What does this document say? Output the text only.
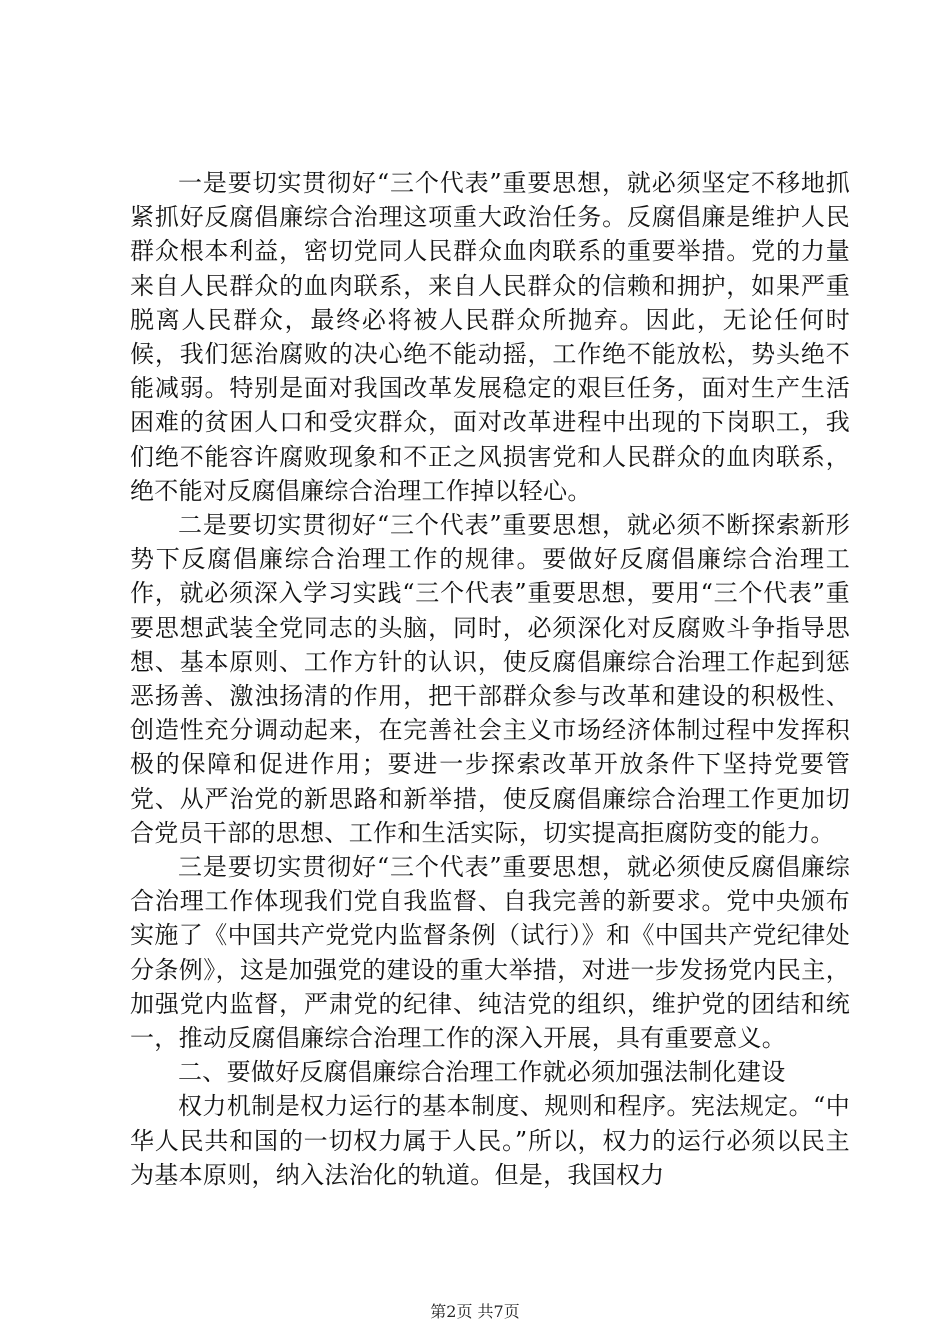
一是要切实贯彻好“三个代表”重要思想，就必须坚定不移地抓紧抓好反腐倡廉综合治理这项重大政治任务。反腐倡廉是维护人民群众根本利益，密切党同人民群众血肉联系的重要举措。党的力量来自人民群众的血肉联系，来自人民群众的信赖和拥护，如果严重脱离人民群众，最终必将被人民群众所抛弃。因此，无论任何时候，我们惩治腐败的决心绝不能动摇，工作绝不能放松，势头绝不能减弱。特别是面对我国改革发展稳定的艰巨任务，面对生产生活困难的贫困人口和受灾群众，面对改革进程中出现的下岗职工，我们绝不能容许腐败现象和不正之风损害党和人民群众的血肉联系，绝不能对反腐倡廉综合治理工作掉以轻心。

二是要切实贯彻好“三个代表”重要思想，就必须不断探索新形势下反腐倡廉综合治理工作的规律。要做好反腐倡廉综合治理工作，就必须深入学习实践“三个代表”重要思想，要用“三个代表”重要思想武装全党同志的头脑，同时，必须深化对反腐败斗争指导思想、基本原则、工作方针的认识，使反腐倡廉综合治理工作起到惩恶扬善、激浊扬清的作用，把干部群众参与改革和建设的积极性、创造性充分调动起来，在完善社会主义市场经济体制过程中发挥积极的保障和促进作用；要进一步探索改革开放条件下坚持党要管党、从严治党的新思路和新举措，使反腐倡廉综合治理工作更加切合党员干部的思想、工作和生活实际，切实提高拒腐防变的能力。

三是要切实贯彻好“三个代表”重要思想，就必须使反腐倡廉综合治理工作体现我们党自我监督、自我完善的新要求。党中央颁布实施了《中国共产党党内监督条例（试行）》和《中国共产党纪律处分条例》，这是加强党的建设的重大举措，对进一步发扬党内民主，加强党内监督，严肃党的纪律、纯洁党的组织，维护党的团结和统一，推动反腐倡廉综合治理工作的深入开展，具有重要意义。

二、要做好反腐倡廉综合治理工作就必须加强法制化建设

权力机制是权力运行的基本制度、规则和程序。宪法规定。“中华人民共和国的一切权力属于人民。”所以，权力的运行必须以民主为基本原则，纳入法治化的轨道。但是，我国权力

第2页 共7页
